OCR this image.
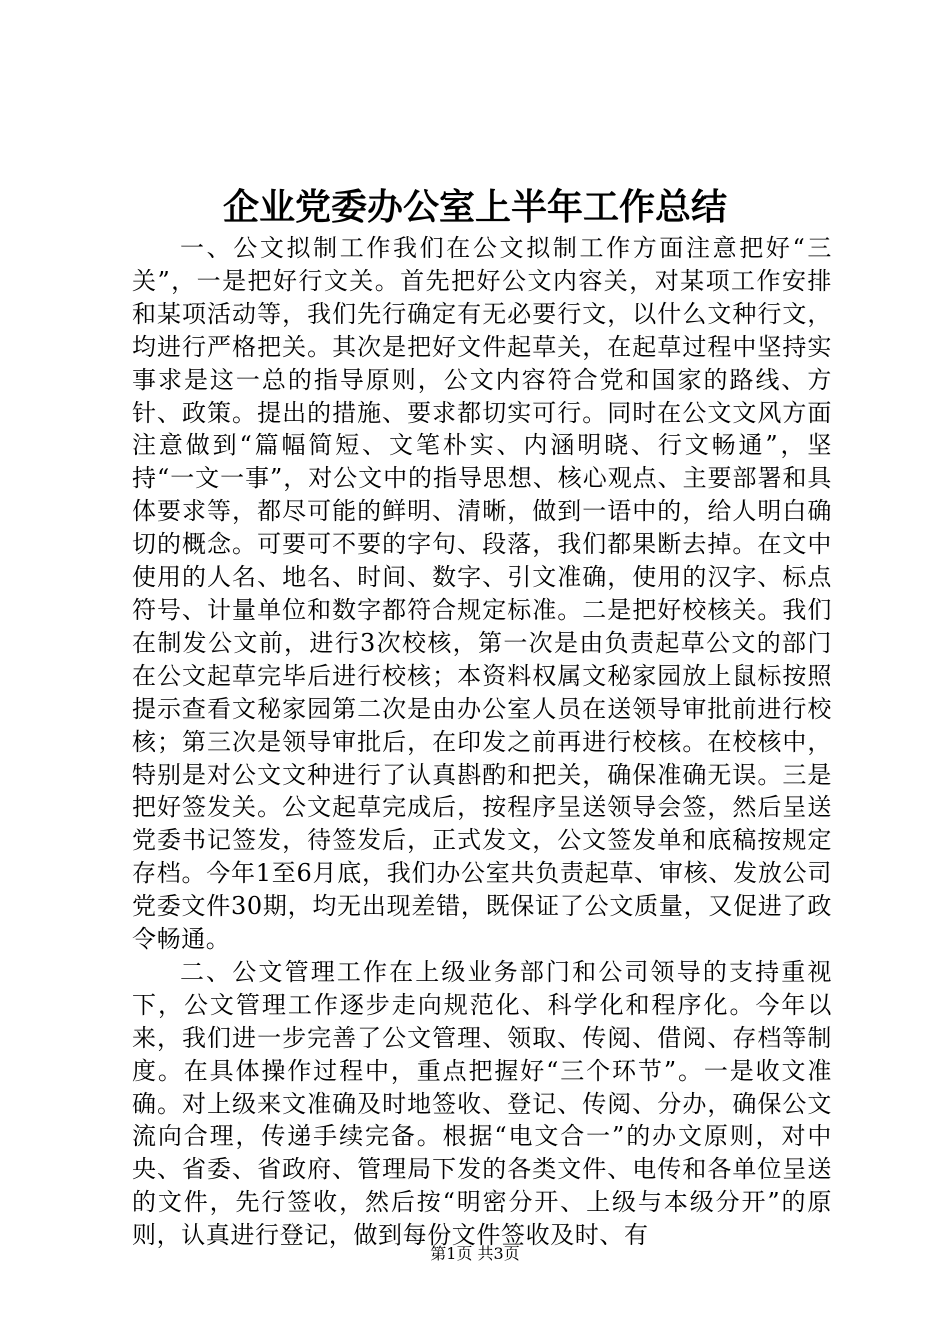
企业党委办公室上半年工作总结

一、公文拟制工作我们在公文拟制工作方面注意把好“三关”，一是把好行文关。首先把好公文内容关，对某项工作安排和某项活动等，我们先行确定有无必要行文，以什么文种行文，均进行严格把关。其次是把好文件起草关，在起草过程中坚持实事求是这一总的指导原则，公文内容符合党和国家的路线、方针、政策。提出的措施、要求都切实可行。同时在公文文风方面注意做到“篇幅简短、文笔朴实、内涵明晓、行文畅通”，坚持“一文一事”，对公文中的指导思想、核心观点、主要部署和具体要求等，都尽可能的鲜明、清晰，做到一语中的，给人明白确切的概念。可要可不要的字句、段落，我们都果断去掉。在文中使用的人名、地名、时间、数字、引文准确，使用的汉字、标点符号、计量单位和数字都符合规定标准。二是把好校核关。我们在制发公文前，进行3次校核，第一次是由负责起草公文的部门在公文起草完毕后进行校核；本资料权属文秘家园放上鼠标按照提示查看文秘家园第二次是由办公室人员在送领导审批前进行校核；第三次是领导审批后，在印发之前再进行校核。在校核中，特别是对公文文种进行了认真斟酌和把关，确保准确无误。三是把好签发关。公文起草完成后，按程序呈送领导会签，然后呈送党委书记签发，待签发后，正式发文，公文签发单和底稿按规定存档。今年1至6月底，我们办公室共负责起草、审核、发放公司党委文件30期，均无出现差错，既保证了公文质量，又促进了政令畅通。

二、公文管理工作在上级业务部门和公司领导的支持重视下，公文管理工作逐步走向规范化、科学化和程序化。今年以来，我们进一步完善了公文管理、领取、传阅、借阅、存档等制度。在具体操作过程中，重点把握好“三个环节”。一是收文准确。对上级来文准确及时地签收、登记、传阅、分办，确保公文流向合理，传递手续完备。根据“电文合一”的办文原则，对中央、省委、省政府、管理局下发的各类文件、电传和各单位呈送的文件，先行签收，然后按“明密分开、上级与本级分开”的原则，认真进行登记，做到每份文件签收及时、有

第1页 共3页
